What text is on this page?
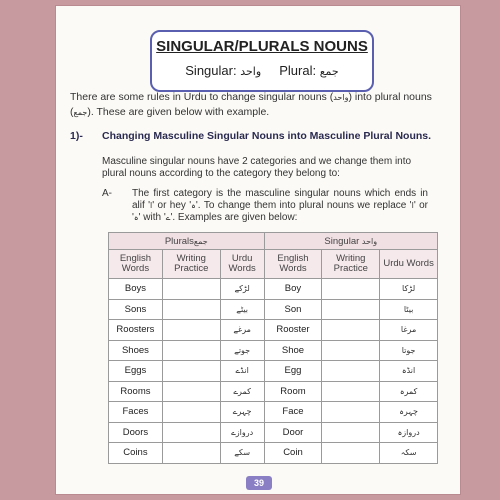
SINGULAR/PLURALS NOUNS
Singular: واحد Plural: جمع
There are some rules in Urdu to change singular nouns (واحد) into plural nouns (جمع). These are given below with example.
1)- Changing Masculine Singular Nouns into Masculine Plural Nouns.
Masculine singular nouns have 2 categories and we change them into plural nouns according to the category they belong to:
A- The first category is the masculine singular nouns which ends in alif 'ا' or hey 'ہ'. To change them into plural nouns we replace 'ا' or 'ہ' with 'ے'. Examples are given below:
Pluralsجمع			Singular واحد		
English Words	Writing Practice	Urdu Words	English Words	Writing Practice	Urdu Words
Boys		لڑکے	Boy		لڑکا
Sons		بیٹے	Son		بیٹا
Roosters		مرغے	Rooster		مرغا
Shoes		جوتے	Shoe		جوتا
Eggs		انڈے	Egg		انڈہ
Rooms		کمرے	Room		کمرہ
Faces		چہرے	Face		چہرہ
Doors		دروازے	Door		دروازہ
Coins		سکے	Coin		سکہ
39
